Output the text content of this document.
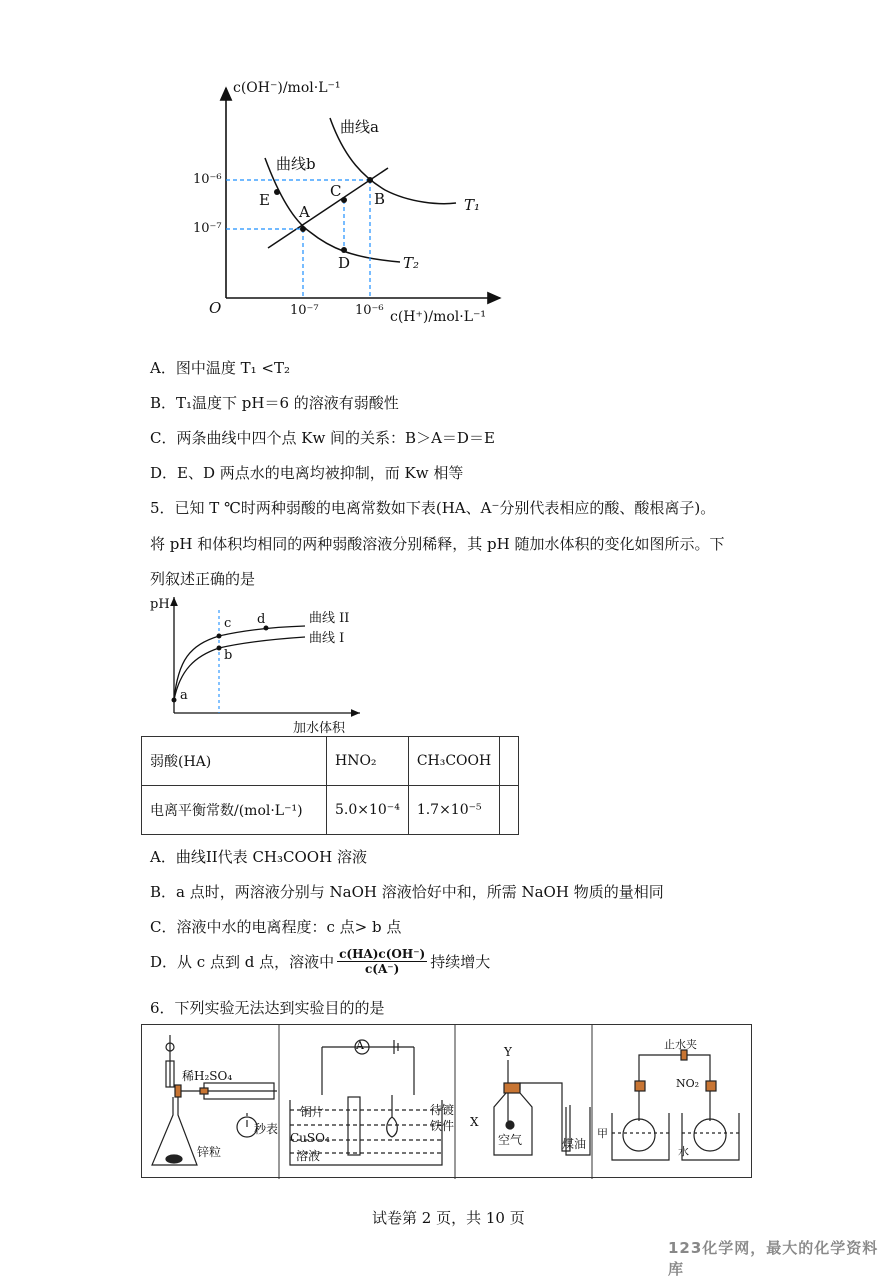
c(OH⁻)/mol·L⁻¹
c(H⁺)/mol·L⁻¹
O
曲线a
曲线b
T₁
T₂
10⁻⁶
10⁻⁷
10⁻⁷	10⁻⁶
A
B
C
D
E
A．图中温度 T₁ <T₂
B．T₁温度下 pH＝6 的溶液有弱酸性
C．两条曲线中四个点 Kw 间的关系：B＞A＝D＝E
D．E、D 两点水的电离均被抑制，而 Kw 相等
5．已知 T ℃时两种弱酸的电离常数如下表(HA、A⁻分别代表相应的酸、酸根离子)。
将 pH 和体积均相同的两种弱酸溶液分别稀释，其 pH 随加水体积的变化如图所示。下
列叙述正确的是
pH
加水体积
曲线 II
曲线 I
a
b
c d
弱酸(HA)	HNO₂	CH₃COOH	
电离平衡常数/(mol·L⁻¹)	5.0×10⁻⁴	1.7×10⁻⁵	
A．曲线II代表 CH₃COOH 溶液
B．a 点时，两溶液分别与 NaOH 溶液恰好中和，所需 NaOH 物质的量相同
C．溶液中水的电离程度：c 点> b 点
D．从 c 点到 d 点，溶液中 $\frac{c(HA)c(OH^-)}{c(A^-)}$ 持续增大
6．下列实验无法达到实验目的的是
稀H₂SO₄
锌粒
秒表
A
铜片
CuSO₄
溶液
待镀
铁件
Y
X
空气	煤油
止水夹
NO₂
甲
水
试卷第 2 页，共 10 页
123化学网，最大的化学资料库
